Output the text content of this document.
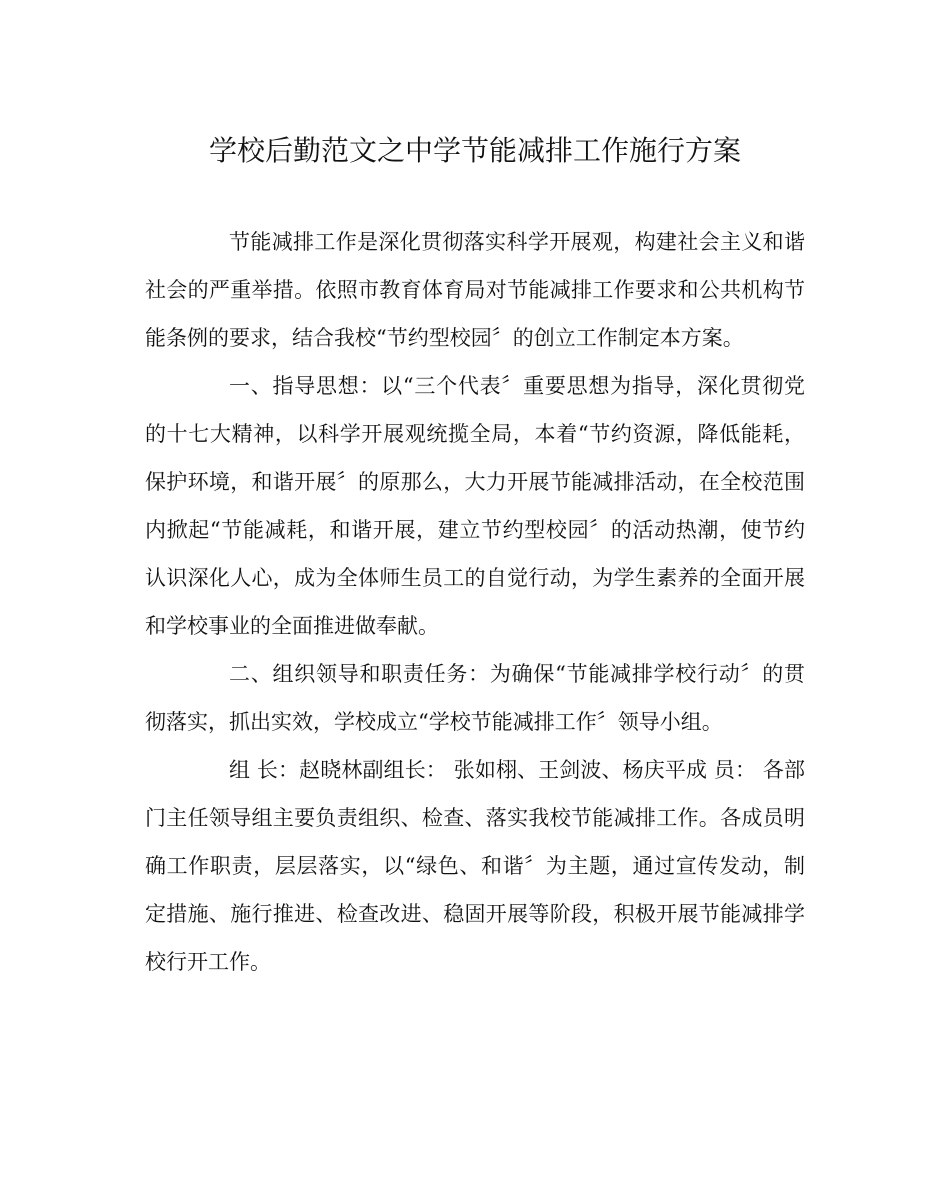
学校后勤范文之中学节能减排工作施行方案

节能减排工作是深化贯彻落实科学开展观，构建社会主义和谐社会的严重举措。依照市教育体育局对节能减排工作要求和公共机构节能条例的要求，结合我校“节约型校园〞的创立工作制定本方案。

一、指导思想：以“三个代表〞重要思想为指导，深化贯彻党的十七大精神，以科学开展观统揽全局，本着“节约资源，降低能耗，保护环境，和谐开展〞的原那么，大力开展节能减排活动，在全校范围内掀起“节能减耗，和谐开展，建立节约型校园〞的活动热潮，使节约认识深化人心，成为全体师生员工的自觉行动，为学生素养的全面开展和学校事业的全面推进做奉献。

二、组织领导和职责任务：为确保“节能减排学校行动〞的贯彻落实，抓出实效，学校成立“学校节能减排工作〞领导小组。

组 长：赵晓林副组长： 张如栩、王剑波、杨庆平成 员： 各部门主任领导组主要负责组织、检查、落实我校节能减排工作。各成员明确工作职责，层层落实，以“绿色、和谐〞为主题，通过宣传发动，制定措施、施行推进、检查改进、稳固开展等阶段，积极开展节能减排学校行开工作。
